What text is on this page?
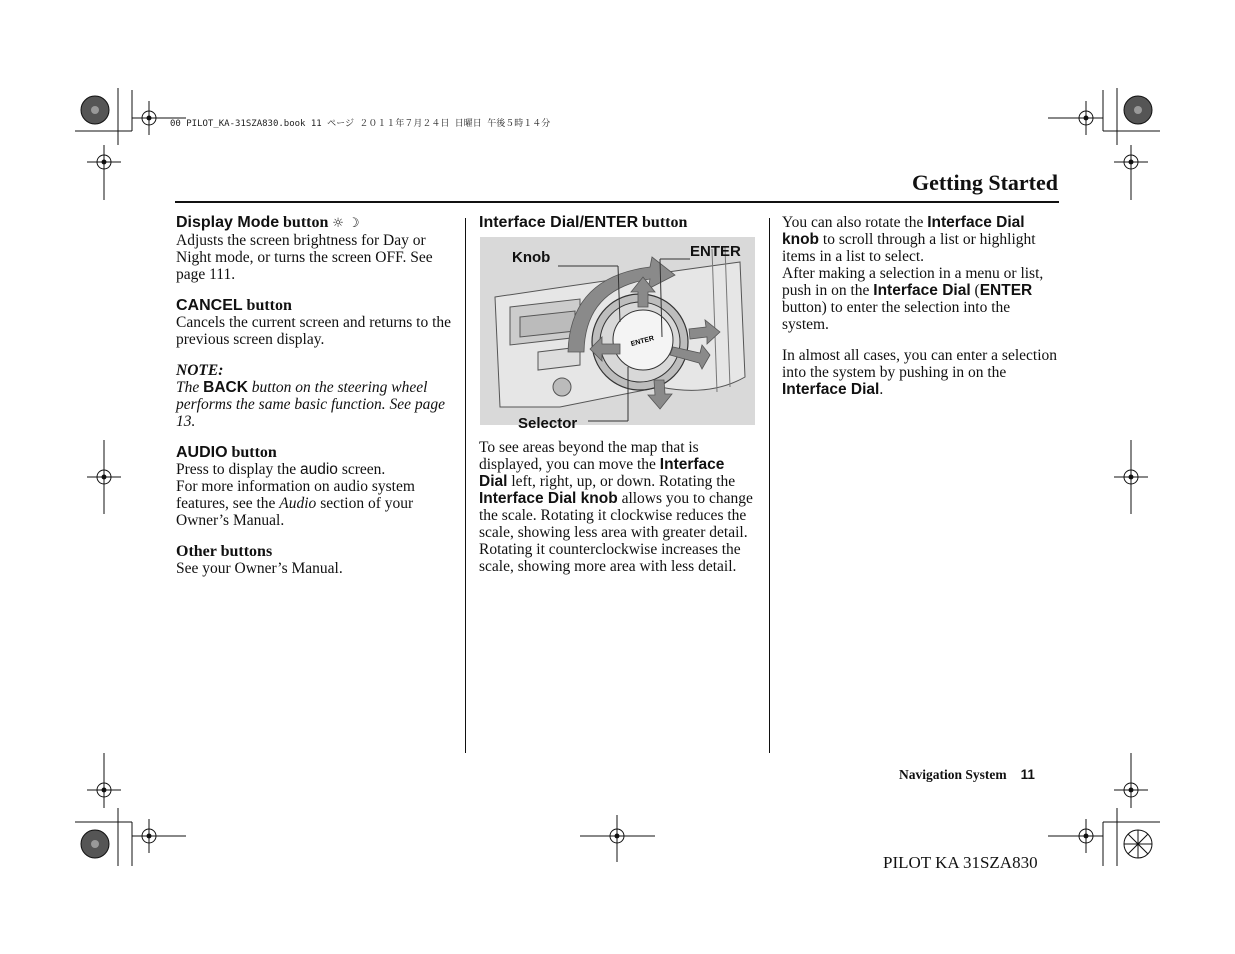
00 PILOT_KA-31SZA830.book 11 ページ ２０１１年７月２４日 日曜日 午後５時１４分
Getting Started
Display Mode button ☼ ☽

Adjusts the screen brightness for Day or Night mode, or turns the screen OFF. See page 111.

CANCEL button

Cancels the current screen and returns to the previous screen display.

NOTE:

The BACK button on the steering wheel performs the same basic function. See page 13.

AUDIO button

Press to display the audio screen.

For more information on audio system features, see the Audio section of your Owner’s Manual.

Other buttons

See your Owner’s Manual.

Interface Dial/ENTER button
ENTER
Knob	ENTER
Selector

To see areas beyond the map that is displayed, you can move the Interface Dial left, right, up, or down. Rotating the Interface Dial knob allows you to change the scale. Rotating it clockwise reduces the scale, showing less area with greater detail. Rotating it counterclockwise increases the scale, showing more area with less detail.

You can also rotate the Interface Dial knob to scroll through a list or highlight items in a list to select.

After making a selection in a menu or list, push in on the Interface Dial (ENTER button) to enter the selection into the system.

In almost all cases, you can enter a selection into the system by pushing in on the Interface Dial.

Navigation System 11
PILOT KA 31SZA830
